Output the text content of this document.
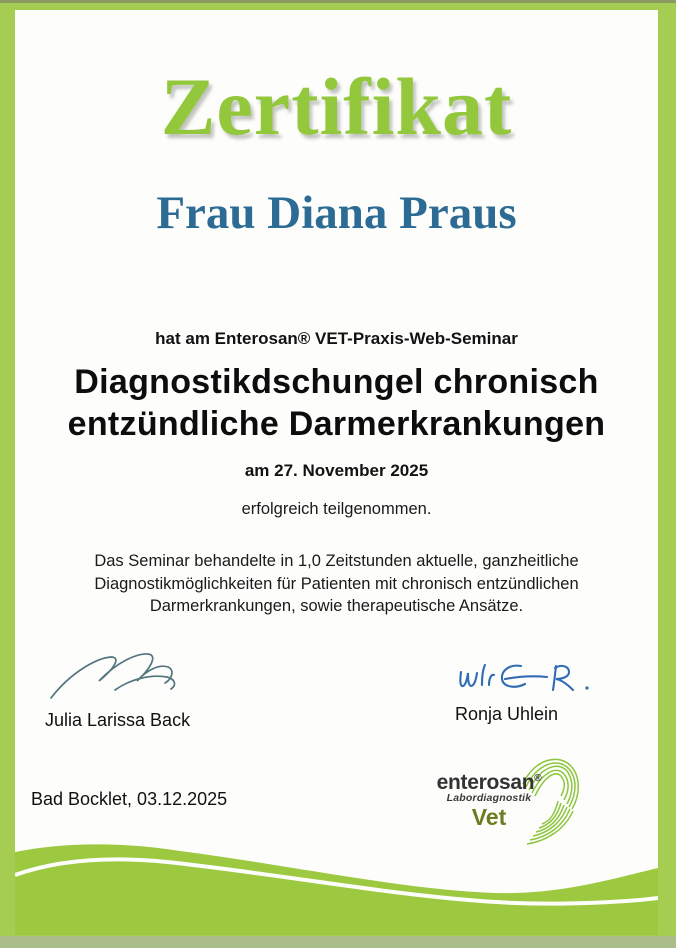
Zertifikat
Frau Diana Praus
hat am Enterosan® VET-Praxis-Web-Seminar
Diagnostikdschungel chronisch
entzündliche Darmerkrankungen
am 27. November 2025
erfolgreich teilgenommen.
Das Seminar behandelte in 1,0 Zeitstunden aktuelle, ganzheitliche Diagnostikmöglichkeiten für Patienten mit chronisch entzündlichen Darmerkrankungen, sowie therapeutische Ansätze.
Julia Larissa Back	Ronja Uhlein
Bad Bocklet, 03.12.2025
enterosan®
Labordiagnostik
Vet
